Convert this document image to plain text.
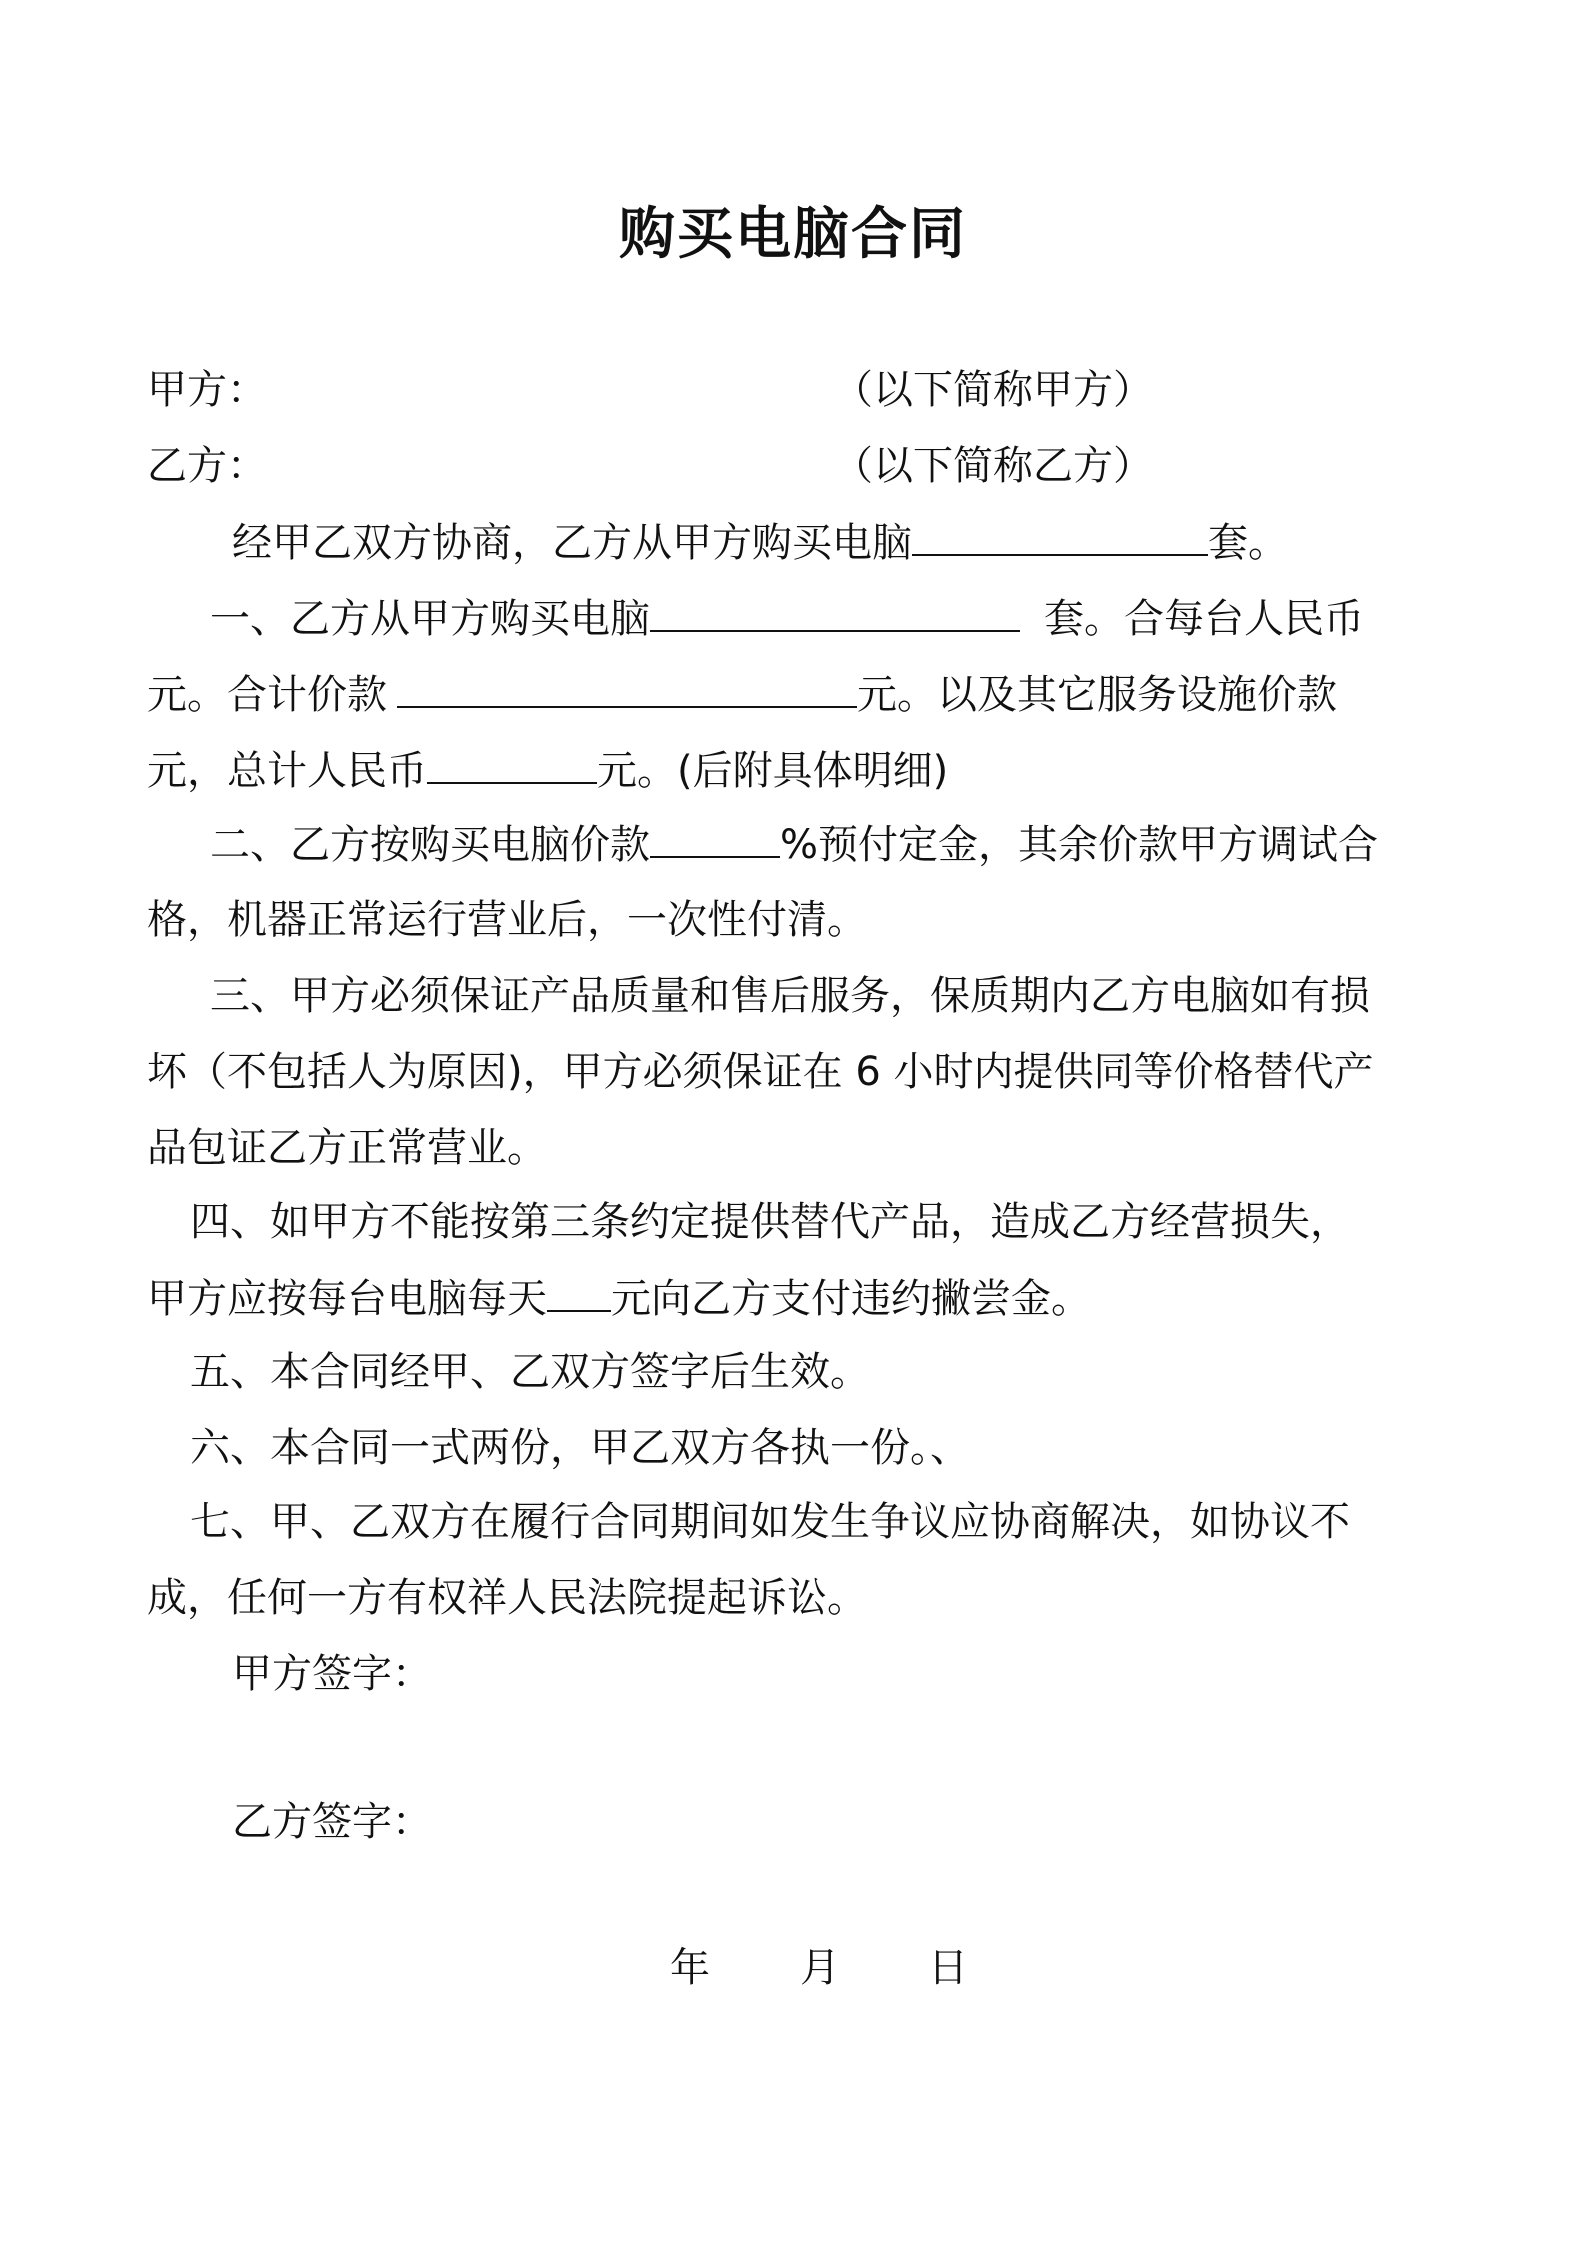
购买电脑合同
甲方：	（以下简称甲方）
乙方：	（以下简称乙方）
经甲乙双方协商，乙方从甲方购买电脑	套。
一、乙方从甲方购买电脑	套。合每台人民币
元。合计价款	元。以及其它服务设施价款
元，总计人民币	元。(后附具体明细)
二、乙方按购买电脑价款	%预付定金，其余价款甲方调试合
格，机器正常运行营业后，一次性付清。
三、甲方必须保证产品质量和售后服务，保质期内乙方电脑如有损
坏（不包括人为原因)，甲方必须保证在 6 小时内提供同等价格替代产
品包证乙方正常营业。
四、如甲方不能按第三条约定提供替代产品，造成乙方经营损失，
甲方应按每台电脑每天 元向乙方支付违约撇尝金。
五、本合同经甲、乙双方签字后生效。
六、本合同一式两份，甲乙双方各执一份。、
七、甲、乙双方在履行合同期间如发生争议应协商解决，如协议不
成，任何一方有权祥人民法院提起诉讼。
甲方签字：
乙方签字：
年 月 日
